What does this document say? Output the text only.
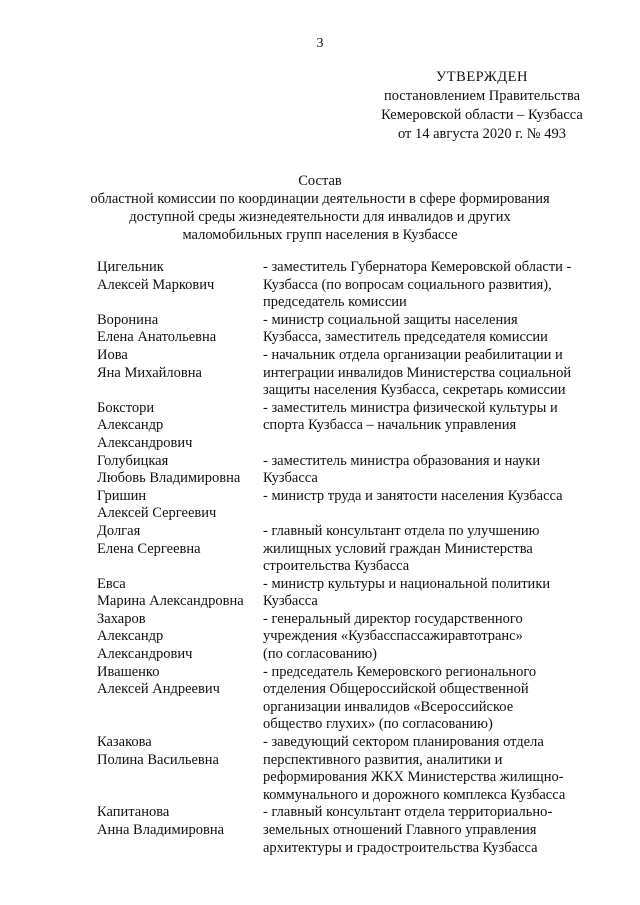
3
УТВЕРЖДЕН
постановлением Правительства
Кемеровской области – Кузбасса
от 14 августа 2020 г. № 493
Состав
областной комиссии по координации деятельности в сфере формирования
доступной среды жизнедеятельности для инвалидов и других
маломобильных групп населения в Кузбассе
Цигельник
Алексей Маркович
- заместитель Губернатора Кемеровской области -
Кузбасса (по вопросам социального развития),
председатель комиссии
Воронина
Елена Анатольевна
- министр социальной защиты населения
Кузбасса, заместитель председателя комиссии
Иова
Яна Михайловна
- начальник отдела организации реабилитации и
интеграции инвалидов Министерства социальной
защиты населения Кузбасса, секретарь комиссии
Бокстори
Александр
Александрович
- заместитель министра физической культуры и
спорта Кузбасса – начальник управления
Голубицкая
Любовь Владимировна
- заместитель министра образования и науки
Кузбасса
Гришин
Алексей Сергеевич
- министр труда и занятости населения Кузбасса
Долгая
Елена Сергеевна
- главный консультант отдела по улучшению
жилищных условий граждан Министерства
строительства Кузбасса
Евса
Марина Александровна
- министр культуры и национальной политики
Кузбасса
Захаров
Александр
Александрович
- генеральный директор государственного
учреждения «Кузбасспассажиравтотранс»
(по согласованию)
Ивашенко
Алексей Андреевич
- председатель Кемеровского регионального
отделения Общероссийской общественной
организации инвалидов «Всероссийское
общество глухих» (по согласованию)
Казакова
Полина Васильевна
- заведующий сектором планирования отдела
перспективного развития, аналитики и
реформирования ЖКХ Министерства жилищно-
коммунального и дорожного комплекса Кузбасса
Капитанова
Анна Владимировна
- главный консультант отдела территориально-
земельных отношений Главного управления
архитектуры и градостроительства Кузбасса
